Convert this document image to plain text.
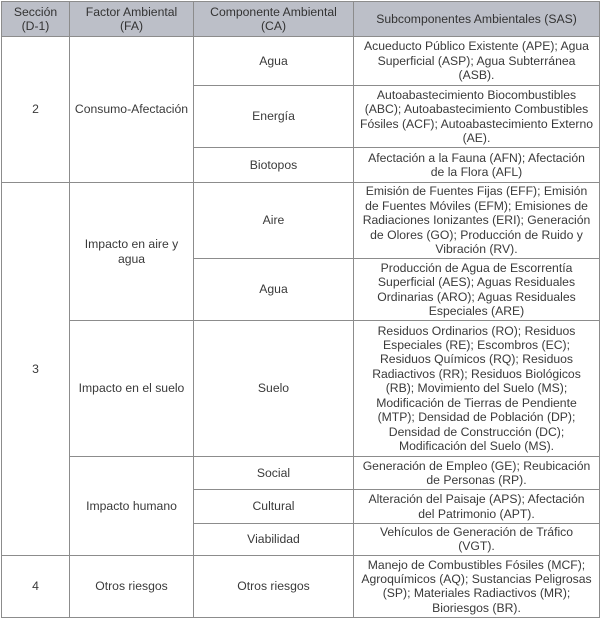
Sección (D-1)	Factor Ambiental (FA)	Componente Ambiental (CA)	Subcomponentes Ambientales (SAS)
2	Consumo-Afectación	Agua	Acueducto Público Existente (APE); Agua Superficial (ASP); Agua Subterránea (ASB).
		Energía	Autoabastecimiento Biocombustibles (ABC); Autoabastecimiento Combustibles Fósiles (ACF); Autoabastecimiento Externo (AE).
		Biotopos	Afectación a la Fauna (AFN); Afectación de la Flora (AFL)
3	Impacto en aire y agua	Aire	Emisión de Fuentes Fijas (EFF); Emisión de Fuentes Móviles (EFM); Emisiones de Radiaciones Ionizantes (ERI); Generación de Olores (GO); Producción de Ruido y Vibración (RV).
		Agua	Producción de Agua de Escorrentía Superficial (AES); Aguas Residuales Ordinarias (ARO); Aguas Residuales Especiales (ARE)
	Impacto en el suelo	Suelo	Residuos Ordinarios (RO); Residuos Especiales (RE); Escombros (EC); Residuos Químicos (RQ); Residuos Radiactivos (RR); Residuos Biológicos (RB); Movimiento del Suelo (MS); Modificación de Tierras de Pendiente (MTP); Densidad de Población (DP); Densidad de Construcción (DC); Modificación del Suelo (MS).
	Impacto humano	Social	Generación de Empleo (GE); Reubicación de Personas (RP).
		Cultural	Alteración del Paisaje (APS); Afectación del Patrimonio (APT).
		Viabilidad	Vehículos de Generación de Tráfico (VGT).
4	Otros riesgos	Otros riesgos	Manejo de Combustibles Fósiles (MCF); Agroquímicos (AQ); Sustancias Peligrosas (SP); Materiales Radiactivos (MR); Bioriesgos (BR).
